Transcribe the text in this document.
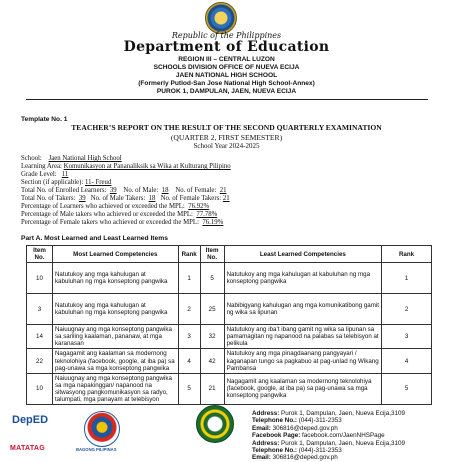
Republic of the Philippines
Department of Education
REGION III – CENTRAL LUZON
SCHOOLS DIVISION OFFICE OF NUEVA ECIJA
JAEN NATIONAL HIGH SCHOOL
(Formerly Putlod-San Jose National High School-Annex)
PUROK 1, DAMPULAN, JAEN, NUEVA ECIJA
Template No. 1
TEACHER’S REPORT ON THE RESULT OF THE SECOND QUARTERLY EXAMINATION
(QUARTER 2, FIRST SEMESTER)
School Year 2024-2025
School: Jaen National High School
Learning Area: Komunikasyon at Pananaliksik sa Wika at Kulturang Pilipino
Grade Level: 11
Section (if applicable): 11- Freud
Total No. of Enrolled Learners: 39 No. of Male: 18 No. of Female: 21
Total No. of Takers: 39 No. of Male Takers: 18 No. of Female Takers: 21
Percentage of Learners who achieved or exceeded the MPL: 76.92%
Percentage of Male takers who achieved or exceeded the MPL: 77.78%
Percentage of Female takers who achieved or exceeded the MPL: 76.19%
Part A. Most Learned and Least Learned Items
Item No.	Most Learned Competencies	Rank	Item No.	Least Learned Competencies	Rank
10	Natutukoy ang mga kahulugan at kabuluhan ng mga konseptong pangwika	1	5	Natutukoy ang mga kahulugan at kabuluhan ng mga konseptong pangwika	1
3	Natutukoy ang mga kahulugan at kabuluhan ng mga konseptong pangwika	2	25	Nabibigyang kahulugan ang mga komunikatibong gamit ng wika sa lipunan	2
14	Naiuugnay ang mga konseptong pangwika sa sariling kaalaman, pananaw, at mga karanasan	3	32	Natutukoy ang iba’t ibang gamit ng wika sa lipunan sa pamamagitan ng napanood na palabas sa telebisyon at pelikula	3
22	Nagagamit ang kaalaman sa modernong teknolohiya (facebook, google, at iba pa) sa pag-unawa sa mga konseptong pangwika	4	42	Natutukoy ang mga pinagdaanang pangyayari / kaganapan tungo sa pagkabuo at pag-unlad ng Wikang Pambansa	4
10	Naiuugnay ang mga konseptong pangwika sa mga napakinggan/ napanood na sitwasyong pangkomunikasyon sa radyo, talumpati, mga panayam at telebisyon	5	21	Nagagamit ang kaalaman sa modernong teknolohiya (facebook, google, at iba pa) sa pag-unawa sa mga konseptong pangwika	5
DepED
MATATAG	BAGONG PILIPINAS
Address: Purok 1, Dampulan, Jaen, Nueva Ecija,3109
Telephone No.: (044)-311-2353
Email: 306816@deped.gov.ph
Facebook Page: facebook.com/JaenNHSPage
Address: Purok 1, Dampulan, Jaen, Nueva Ecija,3109
Telephone No.: (044)-311-2353
Email: 306816@deped.gov.ph
